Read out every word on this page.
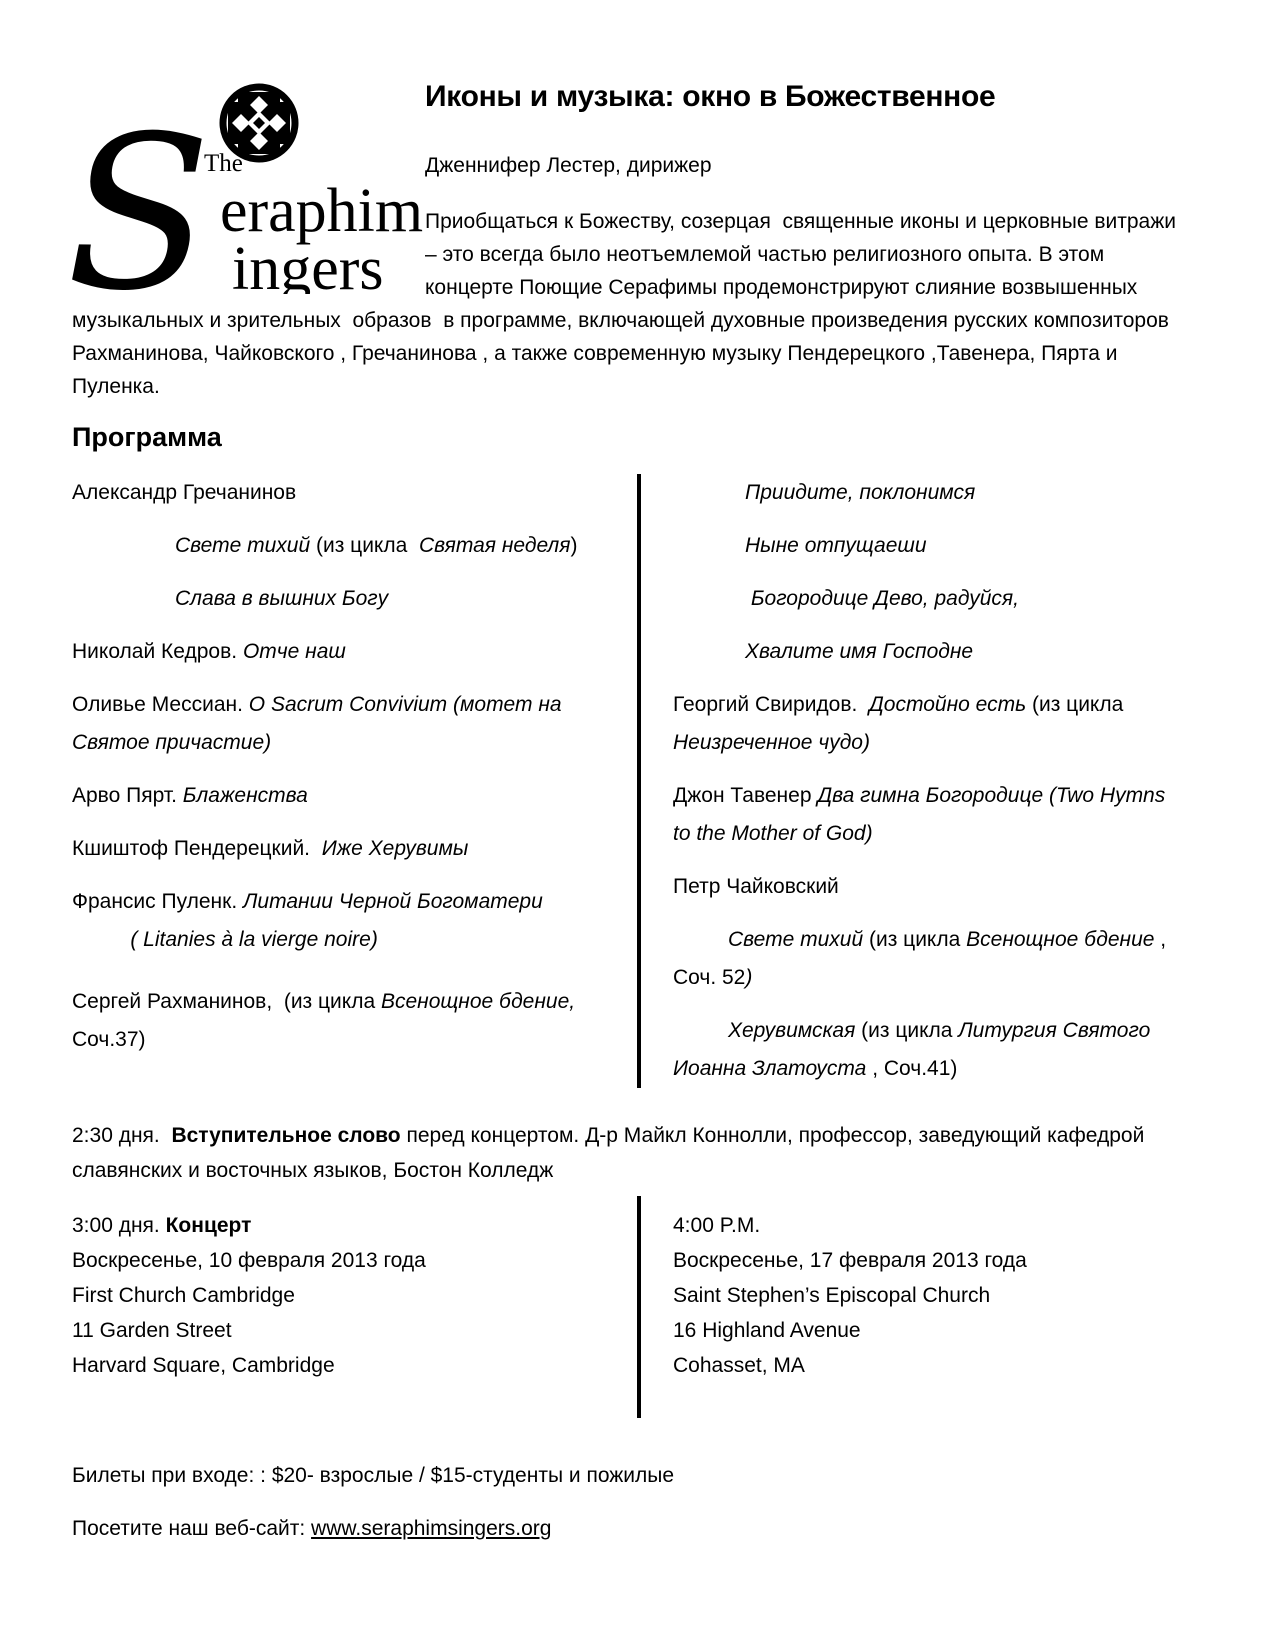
S
The
eraphim
ingers
Иконы и музыка: окно в Божественное

Дженнифер Лестер, дирижер

Приобщаться к Божеству, созерцая  священные иконы и церковные витражи – это всегда было неотъемлемой частью религиозного опыта. В этом концерте Поющие Серафимы продемонстрируют слияние возвышенных музыкальных и зрительных  образов  в программе, включающей духовные произведения русских композиторов Рахманинова, Чайковского , Гречанинова , а также современную музыку Пендерецкого ,Тавенера, Пярта и Пуленка.

Программа
Александр Гречанинов
Свете тихий (из цикла  Святая неделя)
Слава в вышних Богу
Николай Кедров. Отче наш
Оливье Мессиан. O Sacrum Convivium (мотет на Святое причастие)
Арво Пярт. Блаженства
Кшиштоф Пендерецкий.  Иже Херувимы
Франсис Пуленк. Литании Черной Богоматери
( Litanies à la vierge noire)
Сергей Рахманинов,  (из цикла Всенощное бдение, Соч.37)
Приидите, поклонимся
Ныне отпущаеши
Богородице Дево, радуйся,
Хвалите имя Господне
Георгий Свиридов.  Достойно есть (из цикла Неизреченное чудо)
Джон Тавенер Два гимна Богородице (Two Hymns to the Mother of God)
Петр Чайковский
Свете тихий (из цикла Всенощное бдение , Соч. 52)
Херувимская (из цикла Литургия Святого Иоанна Златоуста , Соч.41)

2:30 дня.  Вступительное слово перед концертом. Д-р Майкл Коннолли, профессор, заведующий кафедрой славянских и восточных языков, Бостон Колледж

3:00 дня. Концерт
Воскресенье, 10 февраля 2013 года
First Church Cambridge
11 Garden Street
Harvard Square, Cambridge
4:00 P.M.
Воскресенье, 17 февраля 2013 года
Saint Stephen’s Episcopal Church
16 Highland Avenue
Cohasset, MA

Билеты при входе: : $20- взрослые / $15-студенты и пожилые

Посетите наш веб-сайт: www.seraphimsingers.org
